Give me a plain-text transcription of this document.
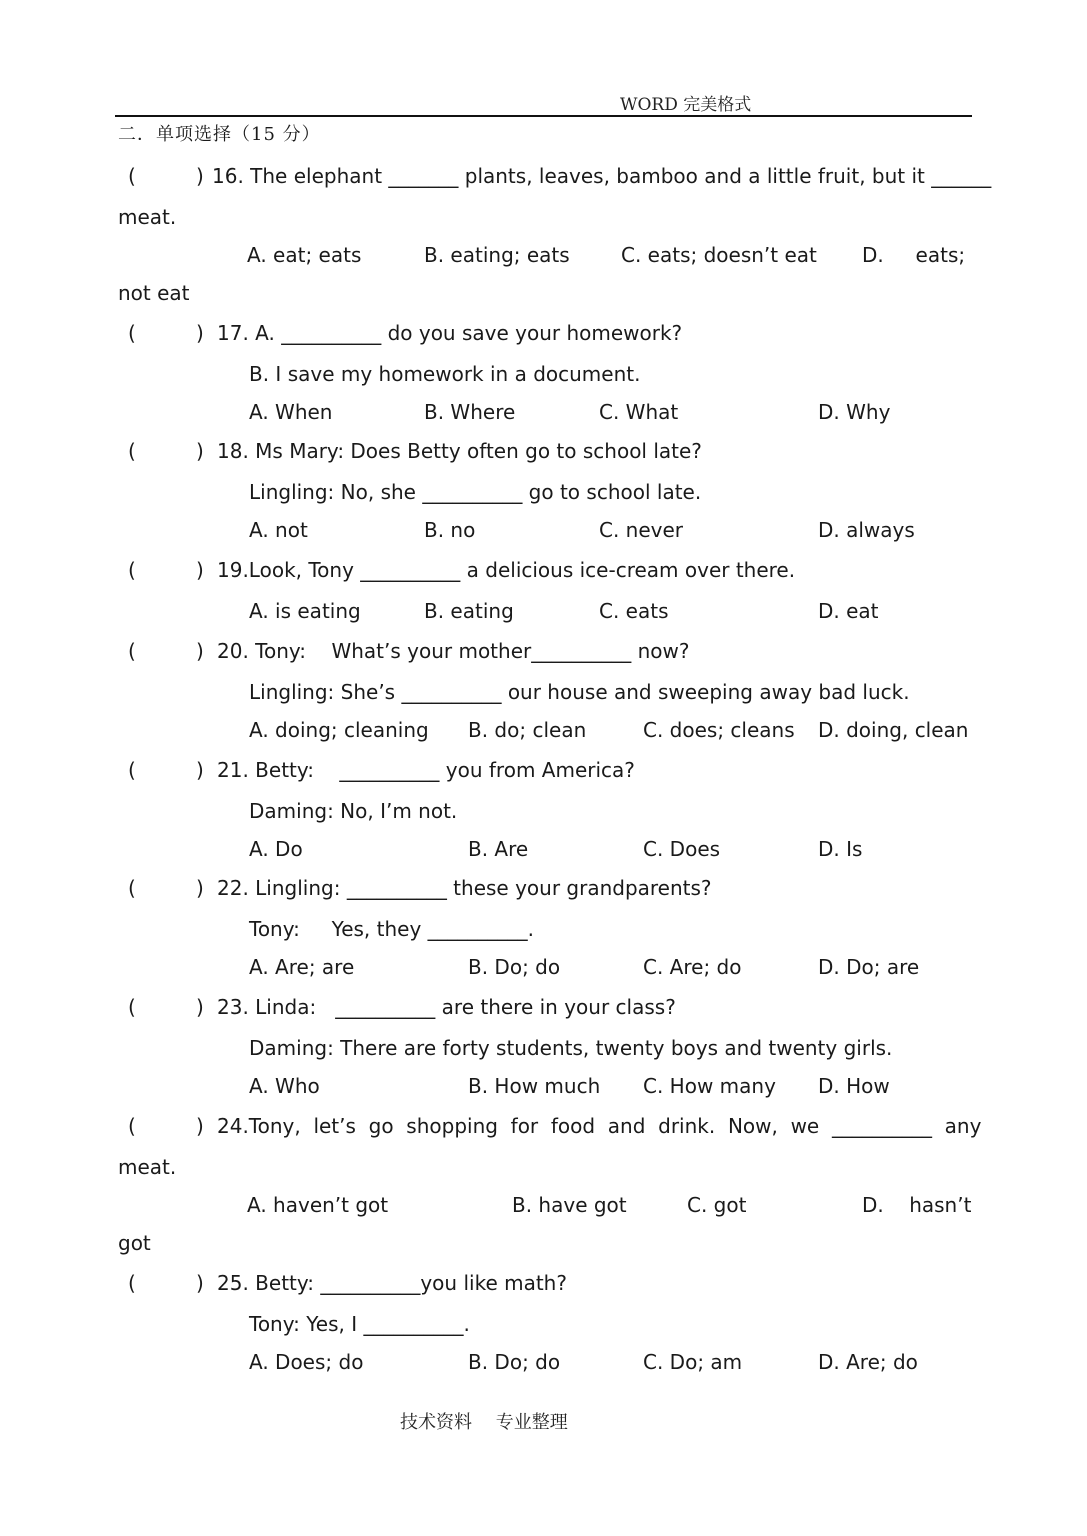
WORD 完美格式
二．单项选择（15 分）
(	) 16. The elephant _______ plants, leaves, bamboo and a little fruit, but it ______
meat.
A. eat; eats	B. eating; eats	C. eats; doesn’t eat D.     eats;
not eat
(	) 17. A. __________ do you save your homework?
B. I save my homework in a document.
A. When	B. Where	C. What	D. Why
(	) 18. Ms Mary: Does Betty often go to school late?
Lingling: No, she __________ go to school late.
A. not	B. no	C. never	D. always
(	) 19.Look, Tony __________ a delicious ice-cream over there.
A. is eating	B. eating	C. eats	D. eat
(	) 20. Tony:    What’s your mother__________ now?
Lingling: She’s __________ our house and sweeping away bad luck.
A. doing; cleaning B. do; clean	C. does; cleans D. doing, clean
(	) 21. Betty:    __________ you from America?
Daming: No, I’m not.
A. Do	B. Are	C. Does	D. Is
(	) 22. Lingling: __________ these your grandparents?
Tony:     Yes, they __________.
A. Are; are	B. Do; do	C. Are; do	D. Do; are
(	) 23. Linda:   __________ are there in your class?
Daming: There are forty students, twenty boys and twenty girls.
A. Who	B. How much C. How many D. How
(	) 24.Tony,  let’s  go  shopping  for  food  and  drink.  Now,  we  __________  any
meat.
A. haven’t got	B. have got	C. got	D.    hasn’t
got
(	) 25. Betty: __________you like math?
Tony: Yes, I __________.
A. Does; do	B. Do; do	C. Do; am	D. Are; do
技术资料 专业整理
